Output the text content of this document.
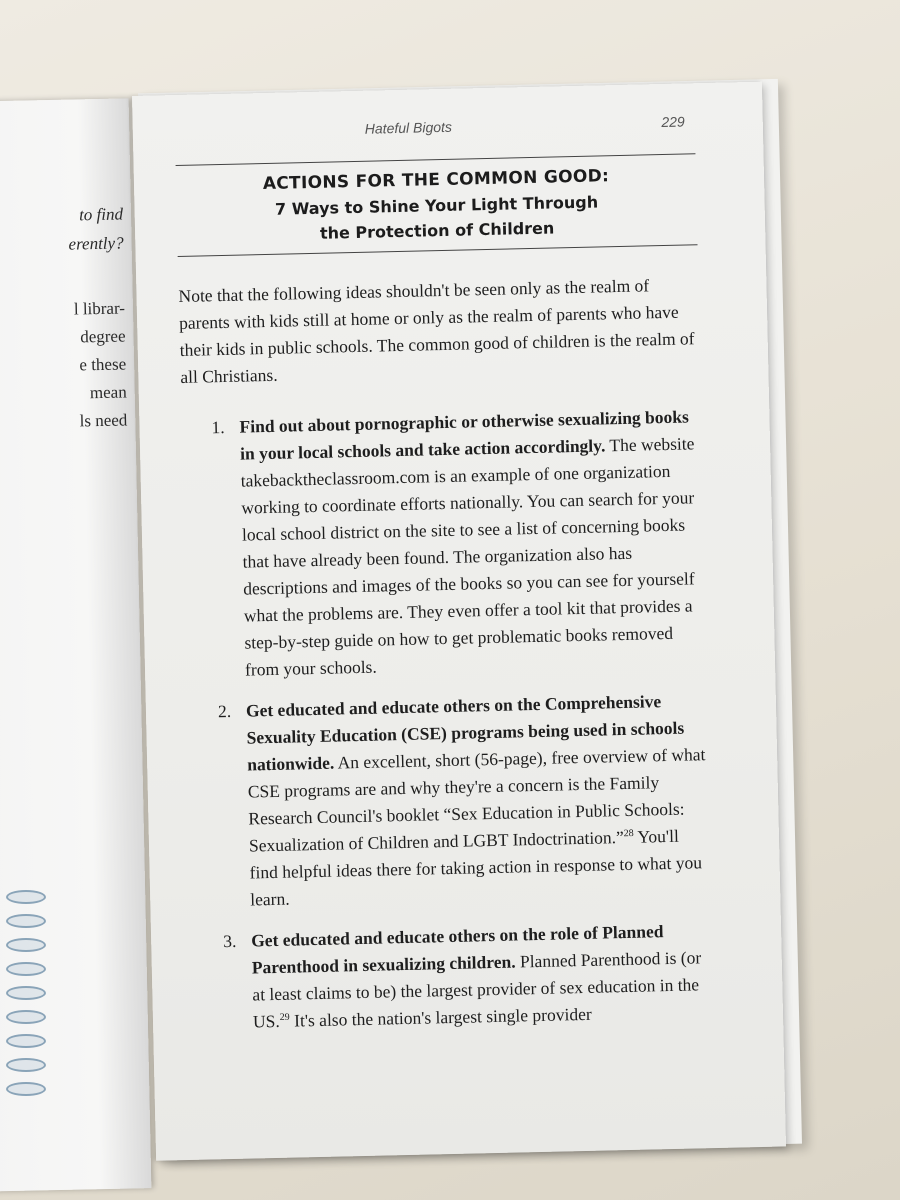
to find
erently?
l librar-
degree
e these
mean
ls need
Hateful Bigots	229
ACTIONS FOR THE COMMON GOOD:
7 Ways to Shine Your Light Through
the Protection of Children

Note that the following ideas shouldn't be seen only as the realm of parents with kids still at home or only as the realm of parents who have their kids in public schools. The common good of children is the realm of all Christians.

1. Find out about pornographic or otherwise sexualizing books in your local schools and take action accordingly. The website takebacktheclassroom.com is an example of one organization working to coordinate efforts nationally. You can search for your local school district on the site to see a list of concerning books that have already been found. The organization also has descriptions and images of the books so you can see for yourself what the problems are. They even offer a tool kit that provides a step-by-step guide on how to get problematic books removed from your schools.
2. Get educated and educate others on the Comprehensive Sexuality Education (CSE) programs being used in schools nationwide. An excellent, short (56-page), free overview of what CSE programs are and why they're a concern is the Family Research Council's booklet “Sex Education in Public Schools: Sexualization of Children and LGBT Indoctrination.”$^{28}$ You'll find helpful ideas there for taking action in response to what you learn.
3. Get educated and educate others on the role of Planned Parenthood in sexualizing children. Planned Parenthood is (or at least claims to be) the largest provider of sex education in the US.$^{29}$ It's also the nation's largest single provider
